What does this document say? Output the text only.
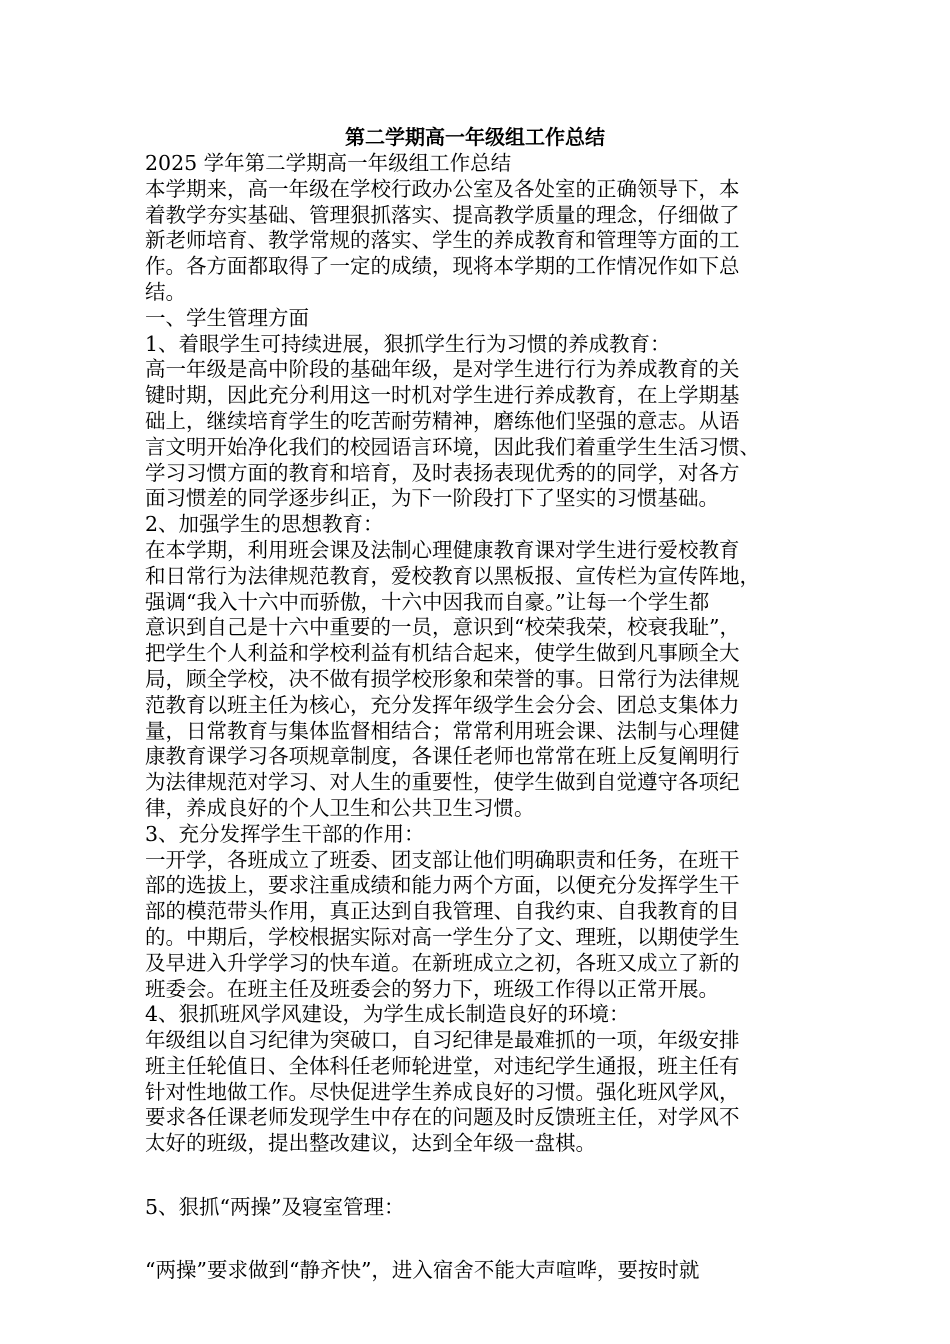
第二学期高一年级组工作总结

2025 学年第二学期高一年级组工作总结

本学期来，高一年级在学校行政办公室及各处室的正确领导下，本

着教学夯实基础、管理狠抓落实、提高教学质量的理念，仔细做了

新老师培育、教学常规的落实、学生的养成教育和管理等方面的工

作。各方面都取得了一定的成绩，现将本学期的工作情况作如下总

结。

一、学生管理方面

1、着眼学生可持续进展，狠抓学生行为习惯的养成教育：

高一年级是高中阶段的基础年级，是对学生进行行为养成教育的关

键时期，因此充分利用这一时机对学生进行养成教育，在上学期基

础上，继续培育学生的吃苦耐劳精神，磨练他们坚强的意志。从语

言文明开始净化我们的校园语言环境，因此我们着重学生生活习惯、

学习习惯方面的教育和培育，及时表扬表现优秀的的同学，对各方

面习惯差的同学逐步纠正，为下一阶段打下了坚实的习惯基础。

2、加强学生的思想教育：

在本学期，利用班会课及法制心理健康教育课对学生进行爱校教育

和日常行为法律规范教育，爱校教育以黑板报、宣传栏为宣传阵地，

强调“我入十六中而骄傲，十六中因我而自豪。”让每一个学生都

意识到自己是十六中重要的一员，意识到“校荣我荣，校衰我耻”，

把学生个人利益和学校利益有机结合起来，使学生做到凡事顾全大

局，顾全学校，决不做有损学校形象和荣誉的事。日常行为法律规

范教育以班主任为核心，充分发挥年级学生会分会、团总支集体力

量，日常教育与集体监督相结合；常常利用班会课、法制与心理健

康教育课学习各项规章制度，各课任老师也常常在班上反复阐明行

为法律规范对学习、对人生的重要性，使学生做到自觉遵守各项纪

律，养成良好的个人卫生和公共卫生习惯。

3、充分发挥学生干部的作用：

一开学，各班成立了班委、团支部让他们明确职责和任务，在班干

部的选拔上，要求注重成绩和能力两个方面，以便充分发挥学生干

部的模范带头作用，真正达到自我管理、自我约束、自我教育的目

的。中期后，学校根据实际对高一学生分了文、理班，以期使学生

及早进入升学学习的快车道。在新班成立之初，各班又成立了新的

班委会。在班主任及班委会的努力下，班级工作得以正常开展。

4、狠抓班风学风建设，为学生成长制造良好的环境：

年级组以自习纪律为突破口，自习纪律是最难抓的一项，年级安排

班主任轮值日、全体科任老师轮进堂，对违纪学生通报，班主任有

针对性地做工作。尽快促进学生养成良好的习惯。强化班风学风，

要求各任课老师发现学生中存在的问题及时反馈班主任，对学风不

太好的班级，提出整改建议，达到全年级一盘棋。

5、狠抓“两操”及寝室管理：

“两操”要求做到“静齐快”，进入宿舍不能大声喧哗，要按时就
